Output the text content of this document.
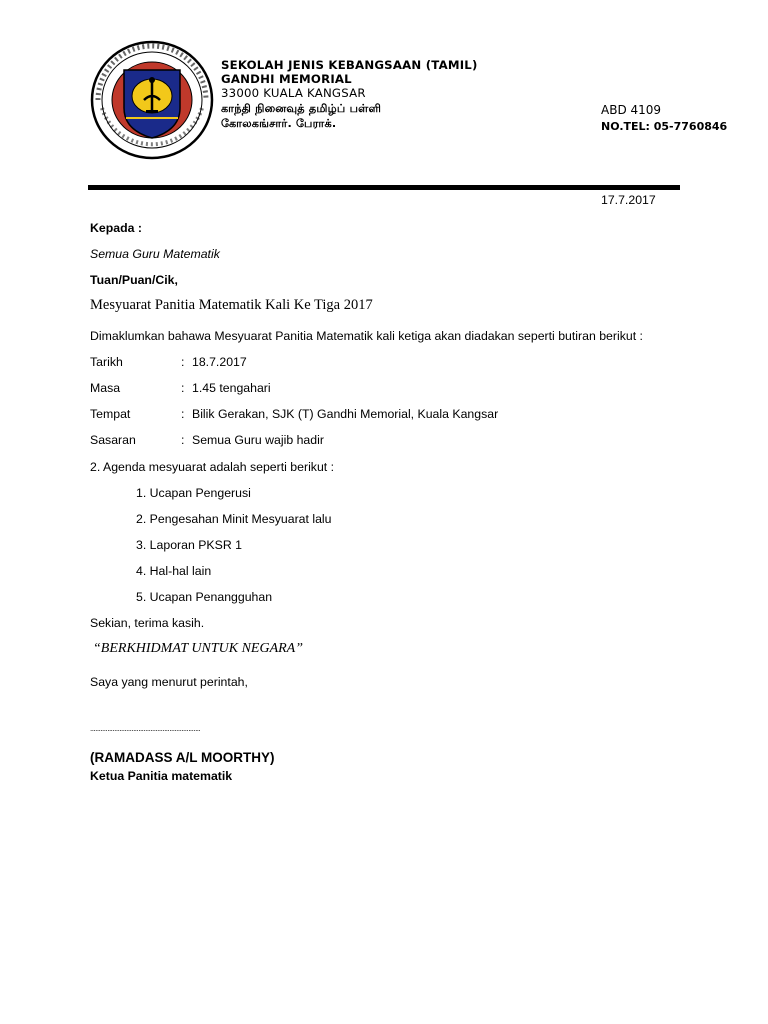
SEKOLAH JENIS KEBANGSAAN (TAMIL)
GANDHI MEMORIAL
33000 KUALA KANGSAR
காந்தி நினைவுத் தமிழ்ப் பள்ளி
கோலகங்சார். பேராக்.
ABD 4109
NO.TEL: 05-7760846
17.7.2017
Kepada :
Semua Guru Matematik
Tuan/Puan/Cik,
Mesyuarat Panitia Matematik Kali Ke Tiga 2017
Dimaklumkan bahawa Mesyuarat Panitia Matematik kali ketiga akan diadakan seperti butiran berikut :
Tarikh	: 18.7.2017
Masa	: 1.45 tengahari
Tempat	: Bilik Gerakan, SJK (T) Gandhi Memorial, Kuala Kangsar
Sasaran	: Semua Guru wajib hadir
2. Agenda mesyuarat adalah seperti berikut :
1. Ucapan Pengerusi
2. Pengesahan Minit Mesyuarat lalu
3. Laporan PKSR 1
4. Hal-hal lain
5. Ucapan Penangguhan
Sekian, terima kasih.
“BERKHIDMAT UNTUK NEGARA”
Saya yang menurut perintah,
................................................................
(RAMADASS A/L MOORTHY)
Ketua Panitia matematik
